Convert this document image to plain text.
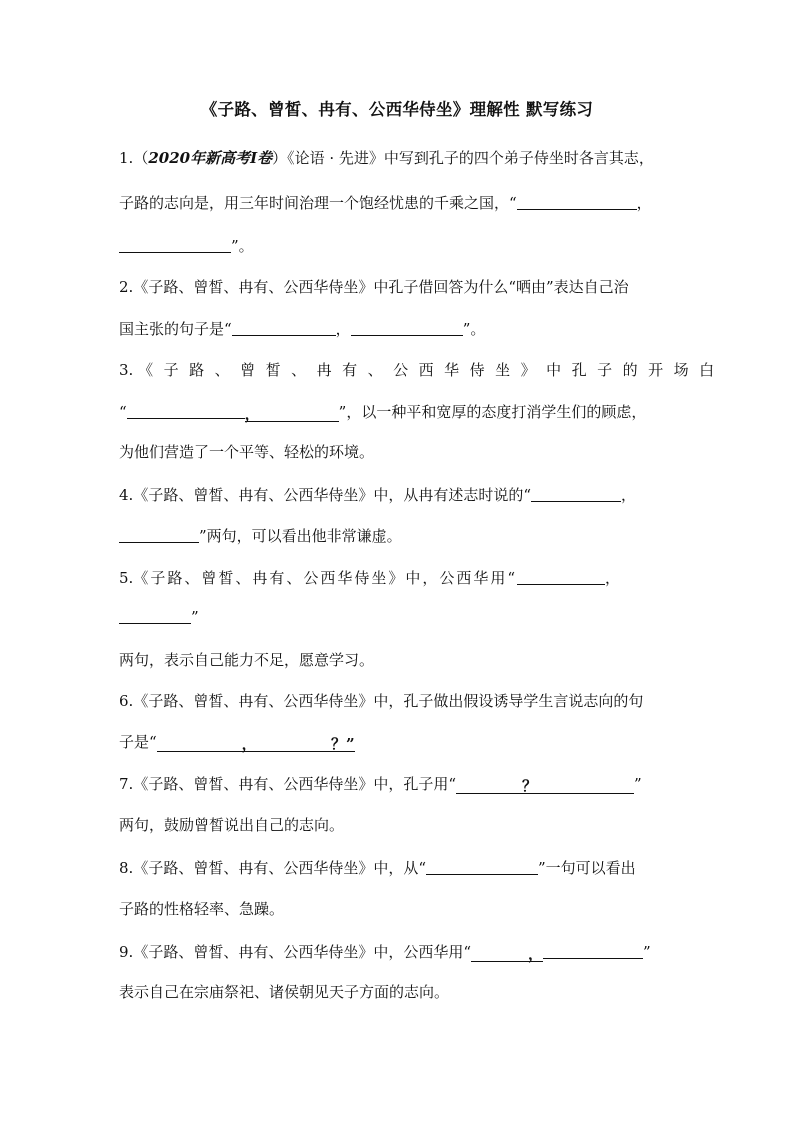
《子路、曾皙、冉有、公西华侍坐》理解性 默写练习
1.（2020年新高考Ⅰ卷）《论语 · 先进》中写到孔子的四个弟子侍坐时各言其志，
子路的志向是，用三年时间治理一个饱经忧患的千乘之国，“	，
”。
2.《子路、曾皙、冉有、公西华侍坐》中孔子借回答为什么“哂由”表达自己治
国主张的句子是“	，	”。
3. 《子路、曾皙、冉有、公西华侍坐》中孔子的开场白
“	，	”，以一种平和宽厚的态度打消学生们的顾虑，
为他们营造了一个平等、轻松的环境。
4.《子路、曾皙、冉有、公西华侍坐》中，从冉有述志时说的“	，
”两句，可以看出他非常谦虚。
5.《子路、曾皙、冉有、公西华侍坐》中，公西华用“	，
”
两句，表示自己能力不足，愿意学习。
6.《子路、曾皙、冉有、公西华侍坐》中，孔子做出假设诱导学生言说志向的句
子是“	，	？”
7.《子路、曾皙、冉有、公西华侍坐》中，孔子用“	？	”
两句，鼓励曾皙说出自己的志向。
8.《子路、曾皙、冉有、公西华侍坐》中，从“	”一句可以看出
子路的性格轻率、急躁。
9.《子路、曾皙、冉有、公西华侍坐》中，公西华用“	，	”
表示自己在宗庙祭祀、诸侯朝见天子方面的志向。
